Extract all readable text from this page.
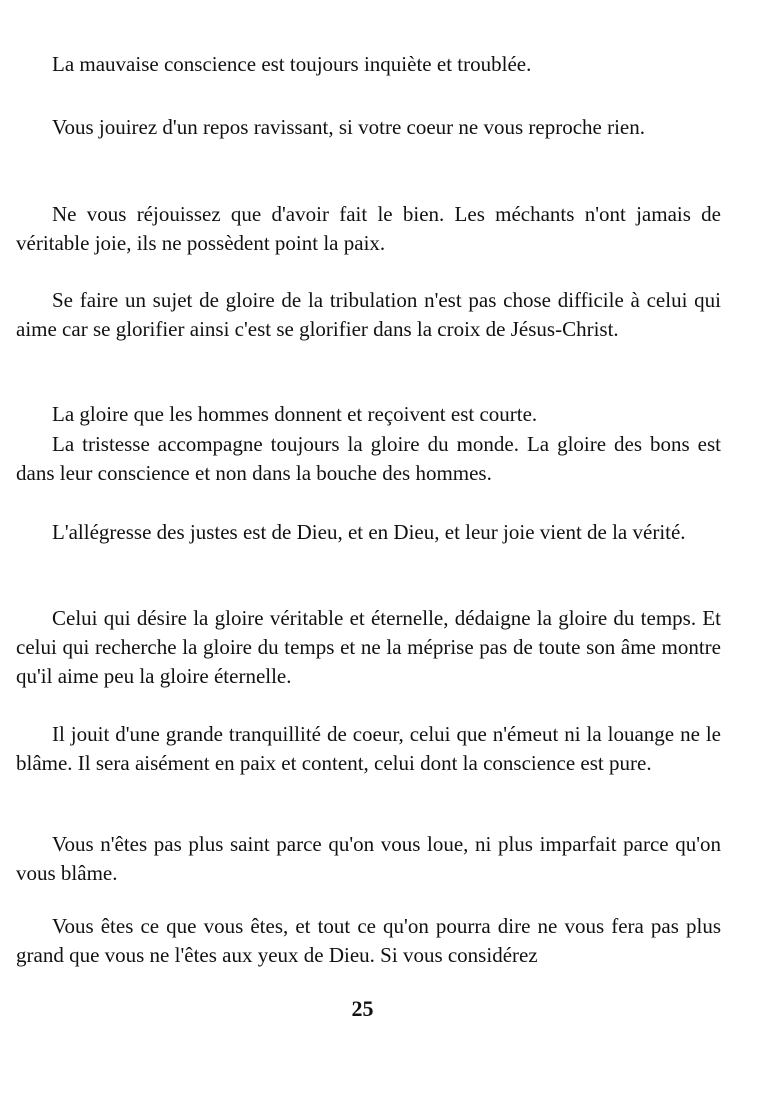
La mauvaise conscience est toujours inquiète et troublée.

Vous jouirez d'un repos ravissant, si votre coeur ne vous reproche rien.

Ne vous réjouissez que d'avoir fait le bien. Les méchants n'ont jamais de véritable joie, ils ne possèdent point la paix.

Se faire un sujet de gloire de la tribulation n'est pas chose difficile à celui qui aime car se glorifier ainsi c'est se glorifier dans la croix de Jésus-Christ.

La gloire que les hommes donnent et reçoivent est courte.

La tristesse accompagne toujours la gloire du monde. La gloire des bons est dans leur conscience et non dans la bouche des hommes.

L'allégresse des justes est de Dieu, et en Dieu, et leur joie vient de la vérité.

Celui qui désire la gloire véritable et éternelle, dédaigne la gloire du temps. Et celui qui recherche la gloire du temps et ne la méprise pas de toute son âme montre qu'il aime peu la gloire éternelle.

Il jouit d'une grande tranquillité de coeur, celui que n'émeut ni la louange ne le blâme. Il sera aisément en paix et content, celui dont la conscience est pure.

Vous n'êtes pas plus saint parce qu'on vous loue, ni plus imparfait parce qu'on vous blâme.

Vous êtes ce que vous êtes, et tout ce qu'on pourra dire ne vous fera pas plus grand que vous ne l'êtes aux yeux de Dieu. Si vous considérez

25
